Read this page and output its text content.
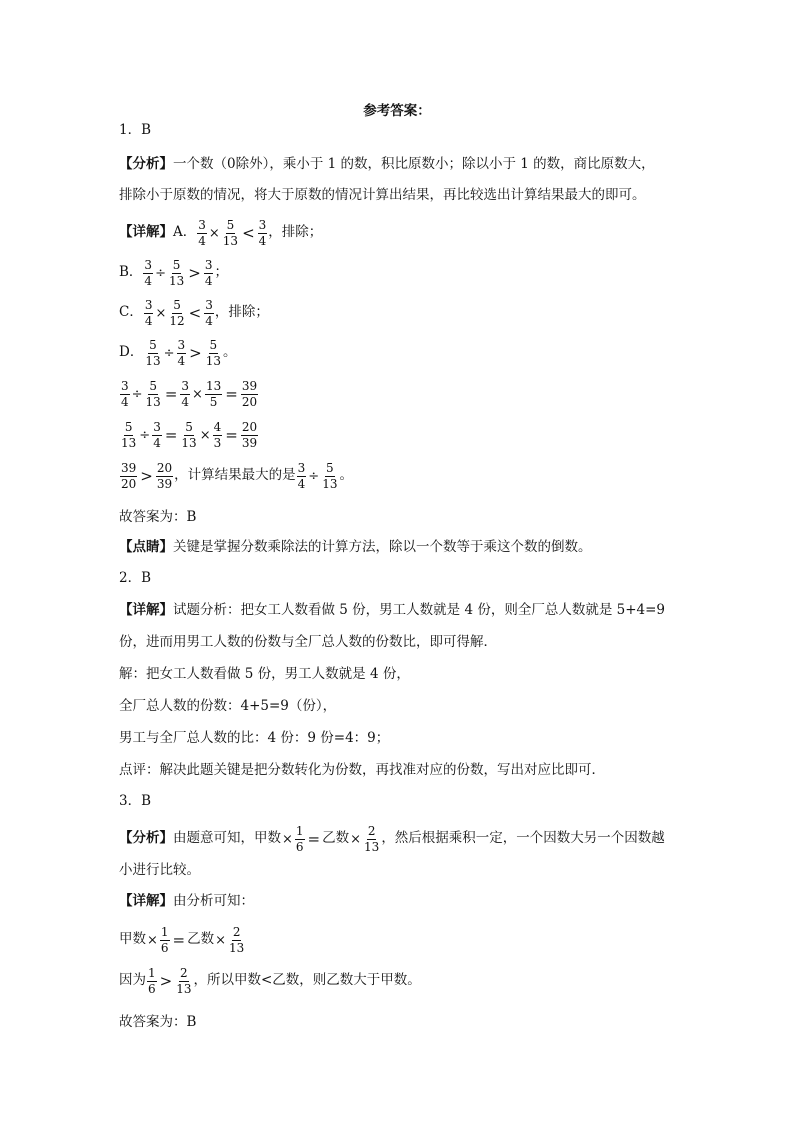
参考答案：
1．B
【分析】 一个数（0除外），乘小于 1 的数，积比原数小；除以小于 1 的数，商比原数大，
排除小于原数的情况，将大于原数的情况计算出结果，再比较选出计算结果最大的即可。
【详解】 A． $\frac{3}{4} \times \frac{5}{13} < \frac{3}{4}$ ，排除；
B． $\frac{3}{4} \div \frac{5}{13} > \frac{3}{4}$ ；
C． $\frac{3}{4} \times \frac{5}{12} < \frac{3}{4}$ ，排除；
D． $\frac{5}{13} \div \frac{3}{4} > \frac{5}{13}$ 。
$\frac{3}{4} \div \frac{5}{13} = \frac{3}{4} \times \frac{13}{5} = \frac{39}{20}$
$\frac{5}{13} \div \frac{3}{4} = \frac{5}{13} \times \frac{4}{3} = \frac{20}{39}$
$\frac{39}{20} > \frac{20}{39}$ ，计算结果最大的是 $\frac{3}{4} \div \frac{5}{13}$ 。
故答案为：B
【点睛】 关键是掌握分数乘除法的计算方法，除以一个数等于乘这个数的倒数。
2．B
【详解】 试题分析：把女工人数看做 5 份，男工人数就是 4 份，则全厂总人数就是 5+4=9
份，进而用男工人数的份数与全厂总人数的份数比，即可得解．
解：把女工人数看做 5 份，男工人数就是 4 份，
全厂总人数的份数：4+5=9（份），
男工与全厂总人数的比：4 份：9 份=4：9；
点评：解决此题关键是把分数转化为份数，再找准对应的份数，写出对应比即可．
3．B
【分析】 由题意可知，甲数 × $\frac{1}{6}$ = 乙数 × $\frac{2}{13}$ ，然后根据乘积一定，一个因数大另一个因数越
小进行比较。
【详解】 由分析可知：
甲数 × $\frac{1}{6}$ = 乙数 × $\frac{2}{13}$
因为 $\frac{1}{6} > \frac{2}{13}$ ，所以甲数<乙数，则乙数大于甲数。
故答案为：B
